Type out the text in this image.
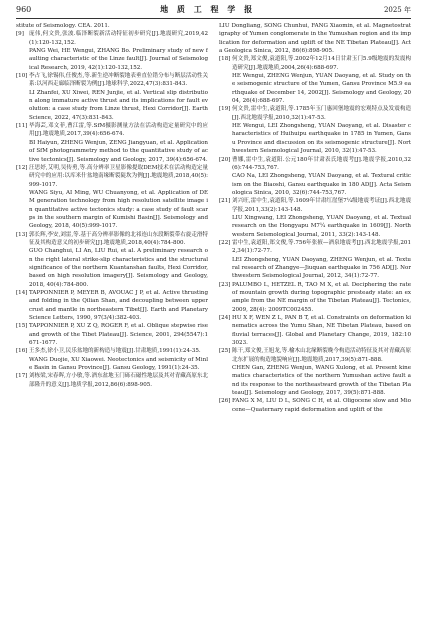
960	地 质 工 程 学 报	2025 年

stitute of Seismology. CEA. 2011.

[9] 庞伟,何文贵,张波.临泽断裂新活动特征初步研究[J].地震研究,2019,42(1):120-132,152.

PANG Wei, HE Wengui, ZHANG Bo. Preliminary study of new faulting characteristic of the Linze fault[J]. Journal of Seismological Research, 2019, 42(1):120-132,152.

[10] 李占飞,徐锡伟,任俊杰,等.新生逆冲断裂地表垂直位错分布与断层活动性关系:以河西走廊临泽断裂为例[J].地球科学,2022,47(3):831-843.

LI Zhanfei, XU Xiwei, REN Junjie, et al. Vertical slip distribution along immature active thrust and its implications for fault evolution: a case study from Linze thrust, Hexi Corridor[J]. Earth Science, 2022, 47(3):831-843.

[11] 毕海芸,邓文菲,曹江雷,等.SfM摄影测量方法在活动构造定量研究中的应用[J].地震地质,2017,39(4):656-674.

BI Haiyun, ZHENG Wenjun, ZENG Jiangyuan, et al. Application of SfM photogrammetry method to the quantitative study of active tectonics[J]. Seismology and Geology, 2017, 39(4):656-674.

[12] 汪思妤,艾明,吴传勇,等.高分辨率卫星影像提取DEM技术在活动构造定量研究中的应用:以库米什盆地南缘断裂陡坎为例[J].地震地质,2018,40(5):999-1017.

WANG Siyu, AI Ming, WU Chuanyong, et al. Application of DEM generation technology from high resolution satellite image in quantitative active tectonics study: a case study of fault scarps in the southern margin of Kumishi Basin[J]. Seismology and Geology, 2018, 40(5):999-1017.

[13] 郭长辉,李安,刘雷,等.基于高分辨率影像的北祁连山东段断裂带右旋走滑特征及其构造意义的初步研究[J].地震地质,2018,40(4):784-800.

GUO Changhui, LI An, LIU Rui, et al. A preliminary research on the right lateral strike-slip characteristics and the structural significance of the northern Kuantanshan faults, Hexi Corridor, based on high resolution imagery[J]. Seismology and Geology, 2018, 40(4):784-800.

[14] TAPPONNIER P, MEYER B, AVOUAC J P, et al. Active thrusting and folding in the Qilian Shan, and decoupling between upper crust and mantle in northeastern Tibet[J]. Earth and Planetary Science Letters, 1990, 97(3/4):382-403.

[15] TAPPONNIER P, XU Z Q, ROGER F, et al. Oblique stepwise rise and growth of the Tibet Plateau[J]. Science, 2001, 294(5547):1671-1677.

[16] 王多杰,徐小卫,民乐盆地的新构造与地震[J].甘肃地质,1991(1):24-35.

WANG Duojie, XU Xiaowei. Neotectonics and seismicity of Minle Basin in Gansu Province[J]. Gansu Geology, 1991(1):24-35.

[17] 刘栋梁,宋春晖,方小敏,等.酒东盆地玉门砾石磁性地层及其对青藏高原东北部隆升的意义[J].地质学报,2012,86(6):898-905.

LIU Dongliang, SONG Chunhui, FANG Xiaomin, et al. Magnetostratigraphy of Yumen conglomerate in the Yumushan region and its implication for deformation and uplift of the NE Tibetan Plateau[J]. Acta Geologica Sinica, 2012, 86(6):898-905.

[18] 何文贵,郑文俊,袁道阳,等.2002年12月14日甘肃玉门5.9级地震的发震构造研究[J].地震地质,2004,26(4):688-697.

HE Wengui, ZHENG Wenjun, YUAN Daoyang, et al. Study on the seismogenic structure of the Yumen, Gansu Province M5.9 earthquake of December 14, 2002[J]. Seismology and Geology, 2004, 26(4):688-697.

[19] 何文贵,雷中生,袁道阳,等.1785年玉门惠回堡地震的宏观特点及发震构造[J].西北地震学报,2010,32(1):47-53.

HE Wengui, LEI Zhongsheng, YUAN Daoyang, et al. Disaster characteristics of Huihuipu earthquake in 1785 in Yumen, Gansu Province and discussion on its seismogenic structure[J]. Northwestern Seismological Journal, 2010, 32(1):47-53.

[20] 曹娜,雷中生,袁道阳.公元180年甘肃表氏地震考[J].地震学报,2010,32(6):744-753,767.

CAO Na, LEI Zhongsheng, YUAN Daoyang, et al. Textural criticism on the Biaoshi, Gansu earthquake in 180 AD[J]. Acta Seismologica Sinica, 2010, 32(6):744-753,767.

[21] 刘兴旺,雷中生,袁道阳,等.1609年甘肃红崖堡7¼级地震考证[J].西北地震学报,2011,33(2):143-148.

LIU Xingwang, LEI Zhongsheng, YUAN Daoyang, et al. Textual research on the Hongyapu M7¼ earthquake in 1609[J]. Northwestern Seismological Journal, 2011, 33(2):143-148.

[22] 雷中生,袁道阳,郑文俊,等.756年张掖—酒泉地震考[J].西北地震学报,2012,34(1):72-77.

LEI Zhongsheng, YUAN Daoyang, ZHENG Wenjun, et al. Textural research of Zhangye—Jiuquan earthquake in 756 AD[J]. Northwestern Seismological Journal, 2012, 34(1):72-77.

[23] PALUMBO L, HETZEL R, TAO M X, et al. Deciphering the rate of mountain growth during topographic presteady state: an example from the NE margin of the Tibetan Plateau[J]. Tectonics, 2009, 28(4): 2009TC002455.

[24] HU X F, WEN Z L, PAN B T, et al. Constraints on deformation kinematics across the Yumu Shan, NE Tibetan Plateau, based on fluvial terraces[J]. Global and Planetary Change, 2019, 182:103023.

[25] 陈干,郑文俊,王旭龙,等.榆木山北缘断裂晚今构造活动特征及其对青藏高原北东扩展的构造地貌响应[J].地震地质,2017,39(5):871-888.

CHEN Gan, ZHENG Wenjun, WANG Xulong, et al. Present kinematics characteristics of the northern Yumushan active fault and its response to the northeastward growth of the Tibetan Plateau[J]. Seismology and Geology, 2017, 39(5):871-888.

[26] FANG X M, LIU D L, SONG C H, et al. Oligocene slow and Miocene—Quaternary rapid deformation and uplift of the
